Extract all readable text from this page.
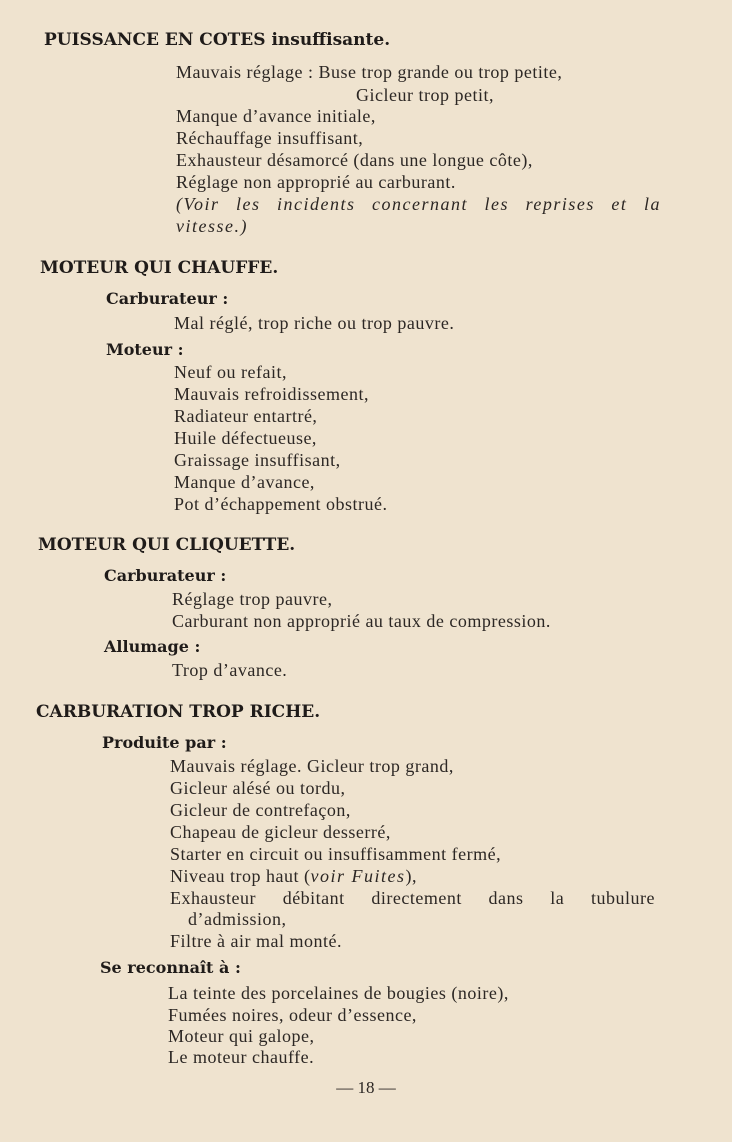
PUISSANCE EN COTES insuffisante.
Mauvais réglage : Buse trop grande ou trop petite,
Gicleur trop petit,
Manque d’avance initiale,
Réchauffage insuffisant,
Exhausteur désamorcé (dans une longue côte),
Réglage non approprié au carburant.
(Voir les incidents concernant les reprises et la
vitesse.)
MOTEUR QUI CHAUFFE.
Carburateur :
Mal réglé, trop riche ou trop pauvre.
Moteur :
Neuf ou refait,
Mauvais refroidissement,
Radiateur entartré,
Huile défectueuse,
Graissage insuffisant,
Manque d’avance,
Pot d’échappement obstrué.
MOTEUR QUI CLIQUETTE.
Carburateur :
Réglage trop pauvre,
Carburant non approprié au taux de compression.
Allumage :
Trop d’avance.
CARBURATION TROP RICHE.
Produite par :
Mauvais réglage. Gicleur trop grand,
Gicleur alésé ou tordu,
Gicleur de contrefaçon,
Chapeau de gicleur desserré,
Starter en circuit ou insuffisamment fermé,
Niveau trop haut (voir Fuites),
Exhausteur débitant directement dans la tubulure
d’admission,
Filtre à air mal monté.
Se reconnaît à :
La teinte des porcelaines de bougies (noire),
Fumées noires, odeur d’essence,
Moteur qui galope,
Le moteur chauffe.
— 18 —
